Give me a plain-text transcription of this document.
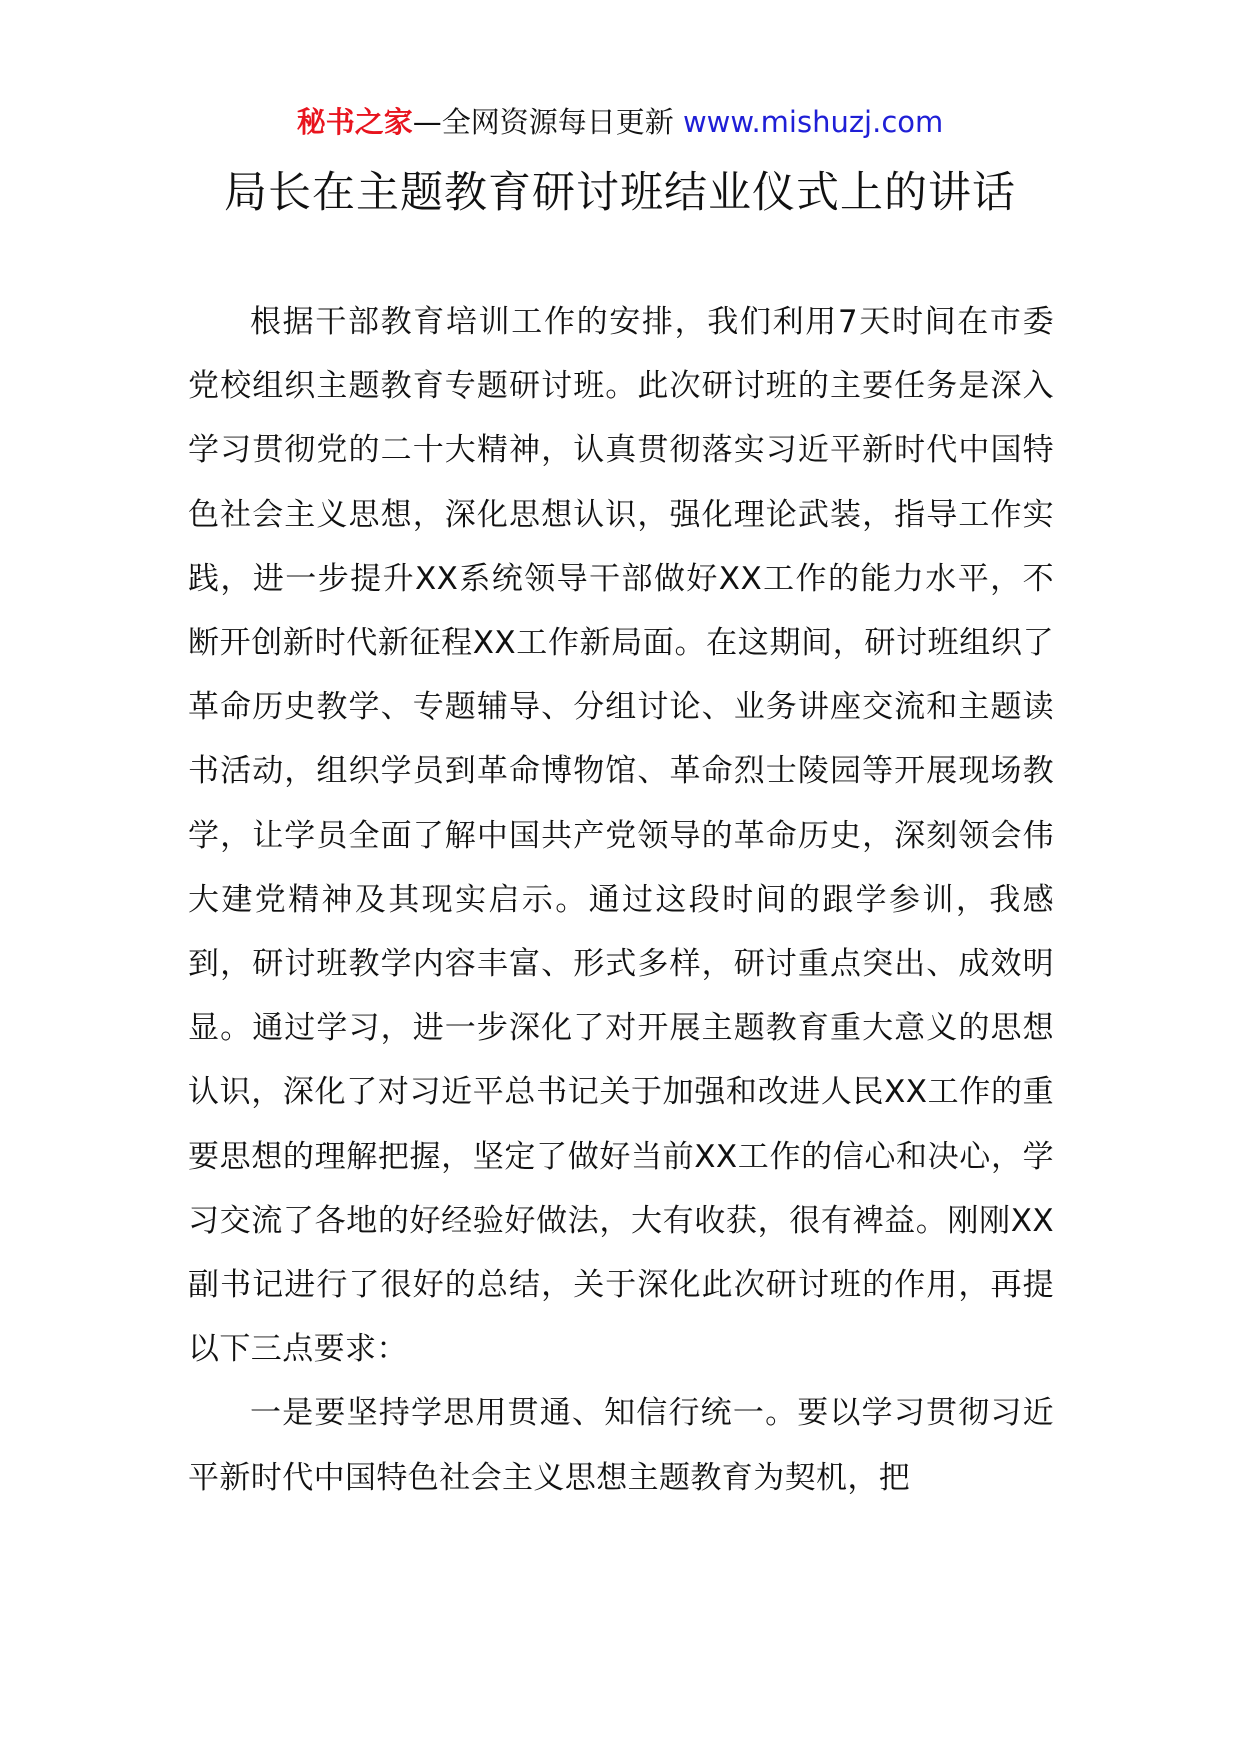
秘书之家—全网资源每日更新 www.mishuzj.com
局长在主题教育研讨班结业仪式上的讲话

根据干部教育培训工作的安排，我们利用7天时间在市委党校组织主题教育专题研讨班。此次研讨班的主要任务是深入学习贯彻党的二十大精神，认真贯彻落实习近平新时代中国特色社会主义思想，深化思想认识，强化理论武装，指导工作实践，进一步提升XX系统领导干部做好XX工作的能力水平，不断开创新时代新征程XX工作新局面。在这期间，研讨班组织了革命历史教学、专题辅导、分组讨论、业务讲座交流和主题读书活动，组织学员到革命博物馆、革命烈士陵园等开展现场教学，让学员全面了解中国共产党领导的革命历史，深刻领会伟大建党精神及其现实启示。通过这段时间的跟学参训，我感到，研讨班教学内容丰富、形式多样，研讨重点突出、成效明显。通过学习，进一步深化了对开展主题教育重大意义的思想认识，深化了对习近平总书记关于加强和改进人民XX工作的重要思想的理解把握，坚定了做好当前XX工作的信心和决心，学习交流了各地的好经验好做法，大有收获，很有裨益。刚刚XX副书记进行了很好的总结，关于深化此次研讨班的作用，再提以下三点要求：

一是要坚持学思用贯通、知信行统一。要以学习贯彻习近平新时代中国特色社会主义思想主题教育为契机，把
